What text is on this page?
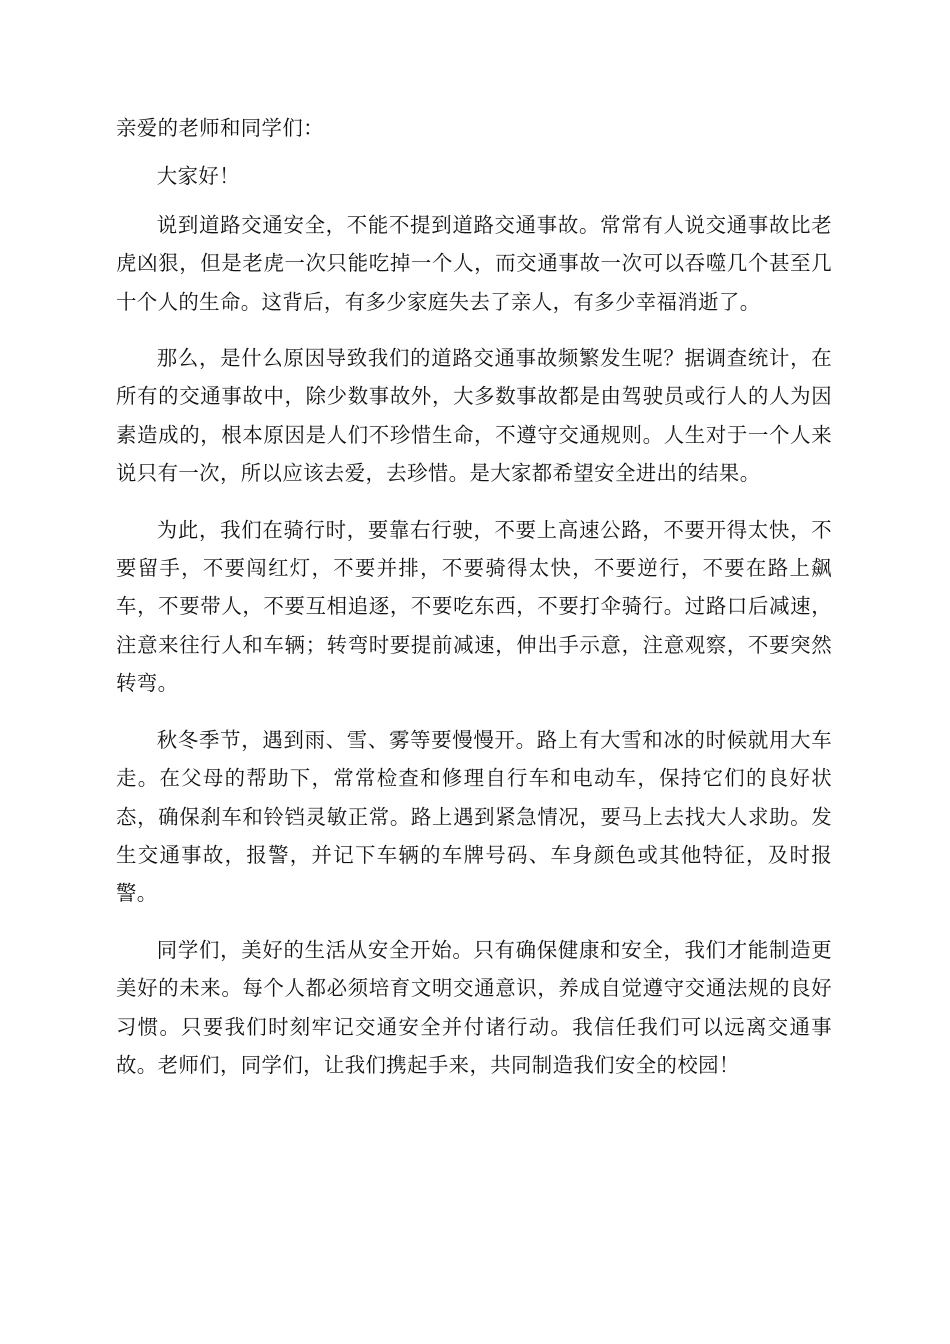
亲爱的老师和同学们：

大家好！

说到道路交通安全，不能不提到道路交通事故。常常有人说交通事故比老虎凶狠，但是老虎一次只能吃掉一个人，而交通事故一次可以吞噬几个甚至几十个人的生命。这背后，有多少家庭失去了亲人，有多少幸福消逝了。

那么，是什么原因导致我们的道路交通事故频繁发生呢？据调查统计，在所有的交通事故中，除少数事故外，大多数事故都是由驾驶员或行人的人为因素造成的，根本原因是人们不珍惜生命，不遵守交通规则。人生对于一个人来说只有一次，所以应该去爱，去珍惜。是大家都希望安全进出的结果。

为此，我们在骑行时，要靠右行驶，不要上高速公路，不要开得太快，不要留手，不要闯红灯，不要并排，不要骑得太快，不要逆行，不要在路上飙车，不要带人，不要互相追逐，不要吃东西，不要打伞骑行。过路口后减速，注意来往行人和车辆；转弯时要提前减速，伸出手示意，注意观察，不要突然转弯。

秋冬季节，遇到雨、雪、雾等要慢慢开。路上有大雪和冰的时候就用大车走。在父母的帮助下，常常检查和修理自行车和电动车，保持它们的良好状态，确保刹车和铃铛灵敏正常。路上遇到紧急情况，要马上去找大人求助。发生交通事故，报警，并记下车辆的车牌号码、车身颜色或其他特征，及时报警。

同学们，美好的生活从安全开始。只有确保健康和安全，我们才能制造更美好的未来。每个人都必须培育文明交通意识，养成自觉遵守交通法规的良好习惯。只要我们时刻牢记交通安全并付诸行动。我信任我们可以远离交通事故。老师们，同学们，让我们携起手来，共同制造我们安全的校园！
